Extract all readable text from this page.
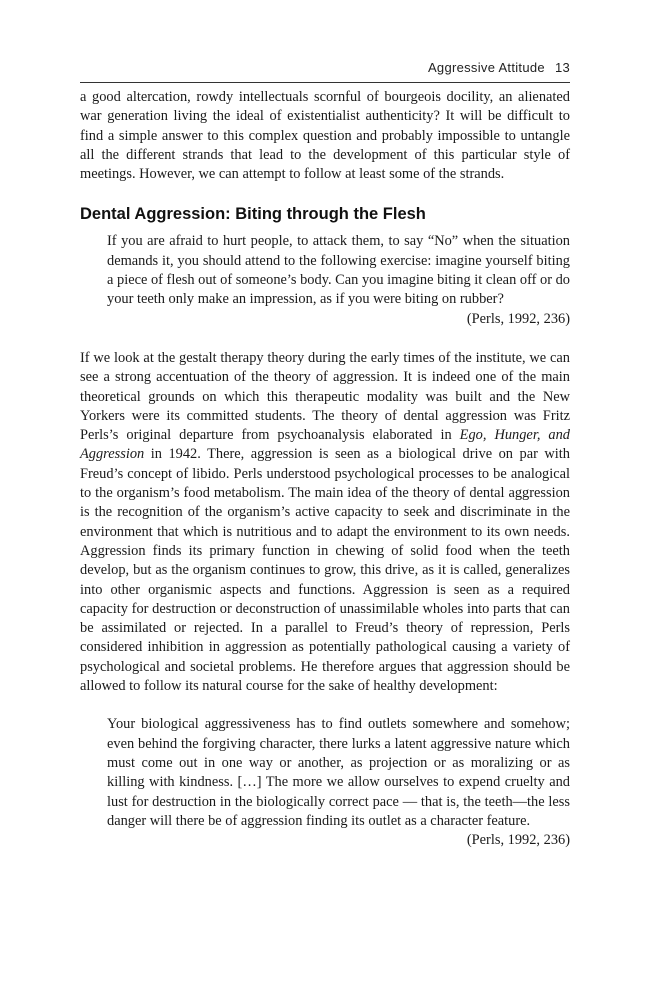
Aggressive Attitude 13

a good altercation, rowdy intellectuals scornful of bourgeois docility, an alienated war generation living the ideal of existentialist authenticity? It will be difficult to find a simple answer to this complex question and probably impossible to untangle all the different strands that lead to the development of this particular style of meetings. However, we can attempt to follow at least some of the strands.

Dental Aggression: Biting through the Flesh

If you are afraid to hurt people, to attack them, to say “No” when the situation demands it, you should attend to the following exercise: imagine yourself biting a piece of flesh out of someone’s body. Can you imagine biting it clean off or do your teeth only make an impression, as if you were biting on rubber?

(Perls, 1992, 236)

If we look at the gestalt therapy theory during the early times of the institute, we can see a strong accentuation of the theory of aggression. It is indeed one of the main theoretical grounds on which this therapeutic modality was built and the New Yorkers were its committed students. The theory of dental aggression was Fritz Perls’s original departure from psychoanalysis elaborated in Ego, Hunger, and Aggression in 1942. There, aggression is seen as a biological drive on par with Freud’s concept of libido. Perls understood psychological processes to be analogical to the organism’s food metabolism. The main idea of the theory of dental aggression is the recognition of the organism’s active capacity to seek and discriminate in the environment that which is nutritious and to adapt the environment to its own needs. Aggression finds its primary function in chewing of solid food when the teeth develop, but as the organism continues to grow, this drive, as it is called, generalizes into other organismic aspects and functions. Aggression is seen as a required capacity for destruction or deconstruction of unassimilable wholes into parts that can be assimilated or rejected. In a parallel to Freud’s theory of repression, Perls considered inhibition in aggression as potentially pathological causing a variety of psychological and societal problems. He therefore argues that aggression should be allowed to follow its natural course for the sake of healthy development:

Your biological aggressiveness has to find outlets somewhere and somehow; even behind the forgiving character, there lurks a latent aggressive nature which must come out in one way or another, as projection or as moralizing or as killing with kindness. […] The more we allow ourselves to expend cruelty and lust for destruction in the biologically correct pace — that is, the teeth—the less danger will there be of aggression finding its outlet as a character feature.

(Perls, 1992, 236)
